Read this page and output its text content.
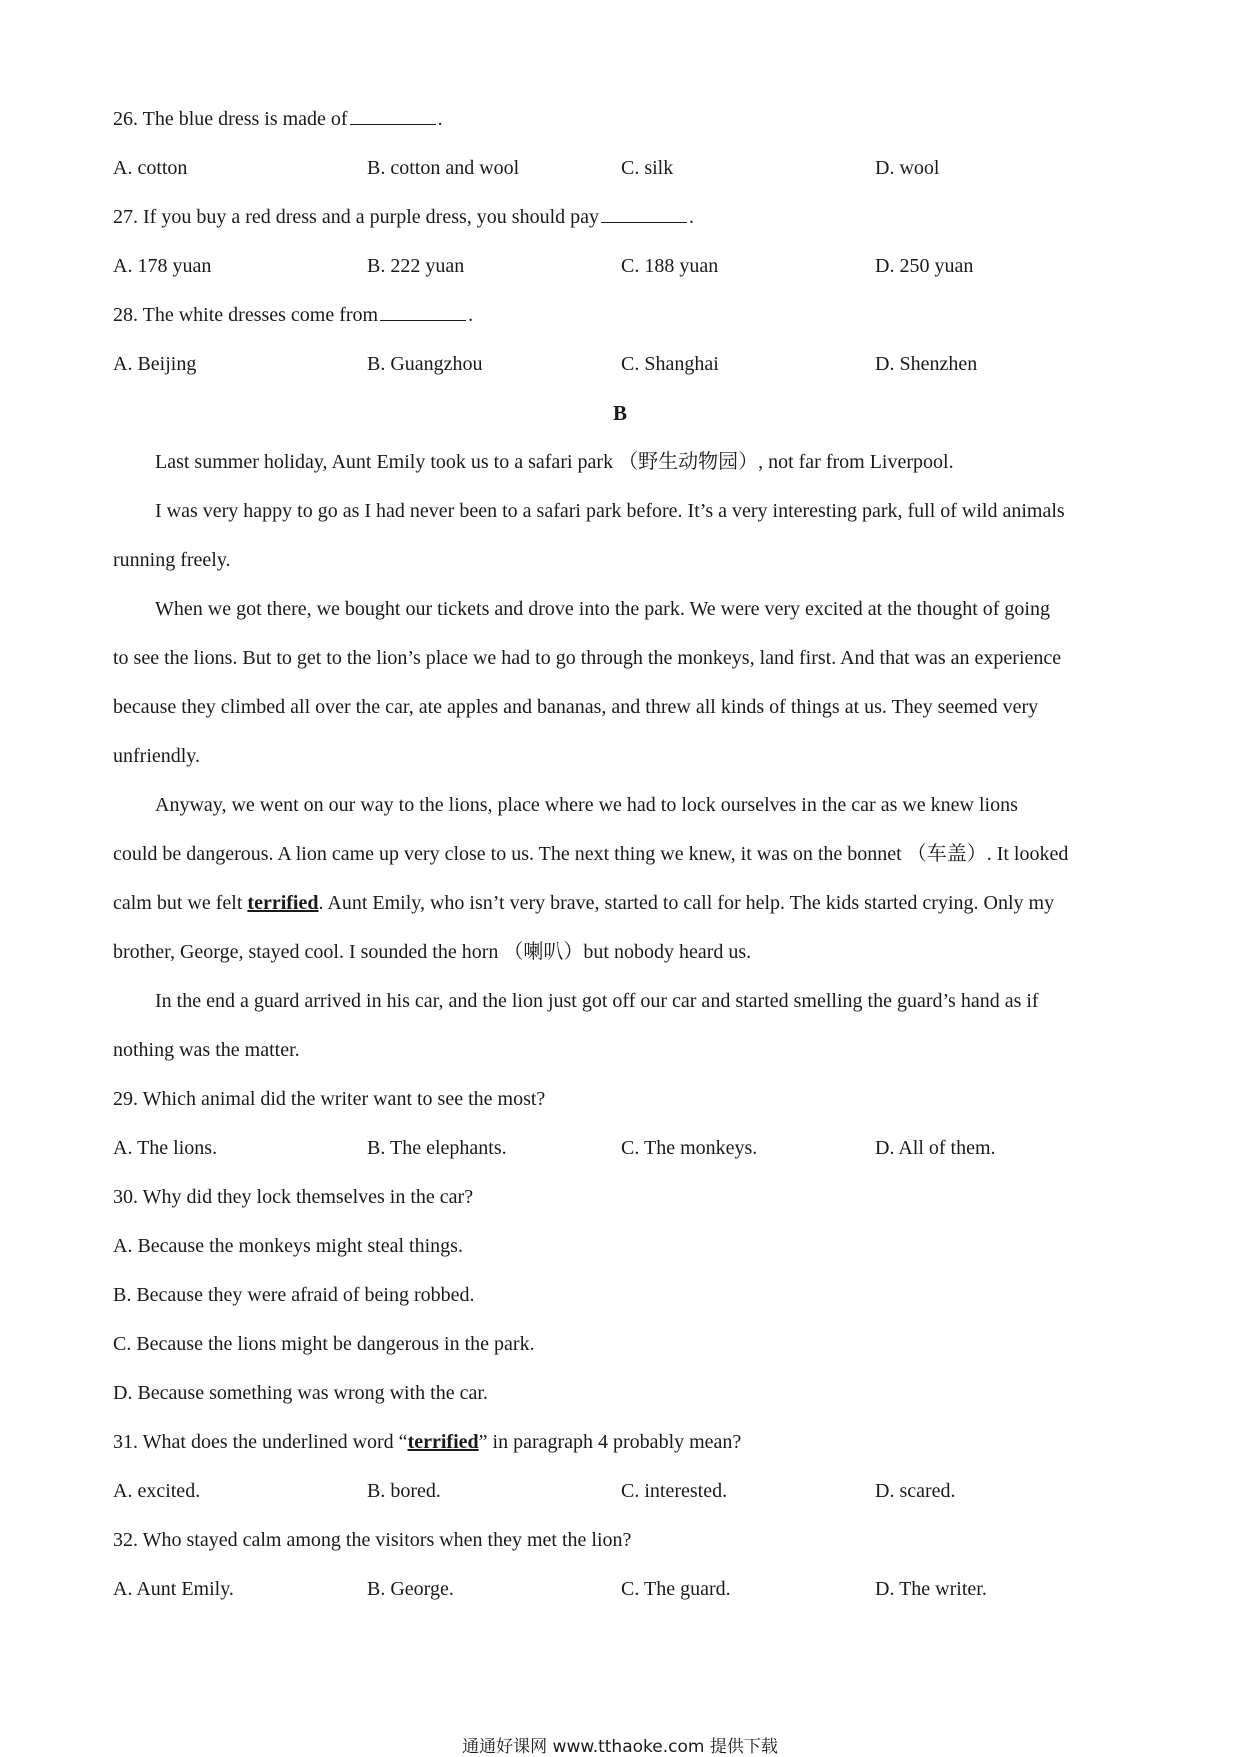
26. The blue dress is made of	.
A. cotton	B. cotton and wool	C. silk	D. wool
27. If you buy a red dress and a purple dress, you should pay	.
A. 178 yuan	B. 222 yuan	C. 188 yuan	D. 250 yuan
28. The white dresses come from	.
A. Beijing	B. Guangzhou	C. Shanghai	D. Shenzhen
B
Last summer holiday, Aunt Emily took us to a safari park （野生动物园）, not far from Liverpool.
I was very happy to go as I had never been to a safari park before. It’s a very interesting park, full of wild animals
running freely.
When we got there, we bought our tickets and drove into the park. We were very excited at the thought of going
to see the lions. But to get to the lion’s place we had to go through the monkeys, land first. And that was an experience
because they climbed all over the car, ate apples and bananas, and threw all kinds of things at us. They seemed very
unfriendly.
Anyway, we went on our way to the lions, place where we had to lock ourselves in the car as we knew lions
could be dangerous. A lion came up very close to us. The next thing we knew, it was on the bonnet （车盖）. It looked
calm but we felt terrified. Aunt Emily, who isn’t very brave, started to call for help. The kids started crying. Only my
brother, George, stayed cool. I sounded the horn （喇叭）but nobody heard us.
In the end a guard arrived in his car, and the lion just got off our car and started smelling the guard’s hand as if
nothing was the matter.
29. Which animal did the writer want to see the most?
A. The lions.	B. The elephants.	C. The monkeys.	D. All of them.
30. Why did they lock themselves in the car?
A. Because the monkeys might steal things.
B. Because they were afraid of being robbed.
C. Because the lions might be dangerous in the park.
D. Because something was wrong with the car.
31. What does the underlined word “terrified” in paragraph 4 probably mean?
A. excited.	B. bored.	C. interested.	D. scared.
32. Who stayed calm among the visitors when they met the lion?
A. Aunt Emily.	B. George.	C. The guard.	D. The writer.
通通好课网 www.tthaoke.com 提供下载
